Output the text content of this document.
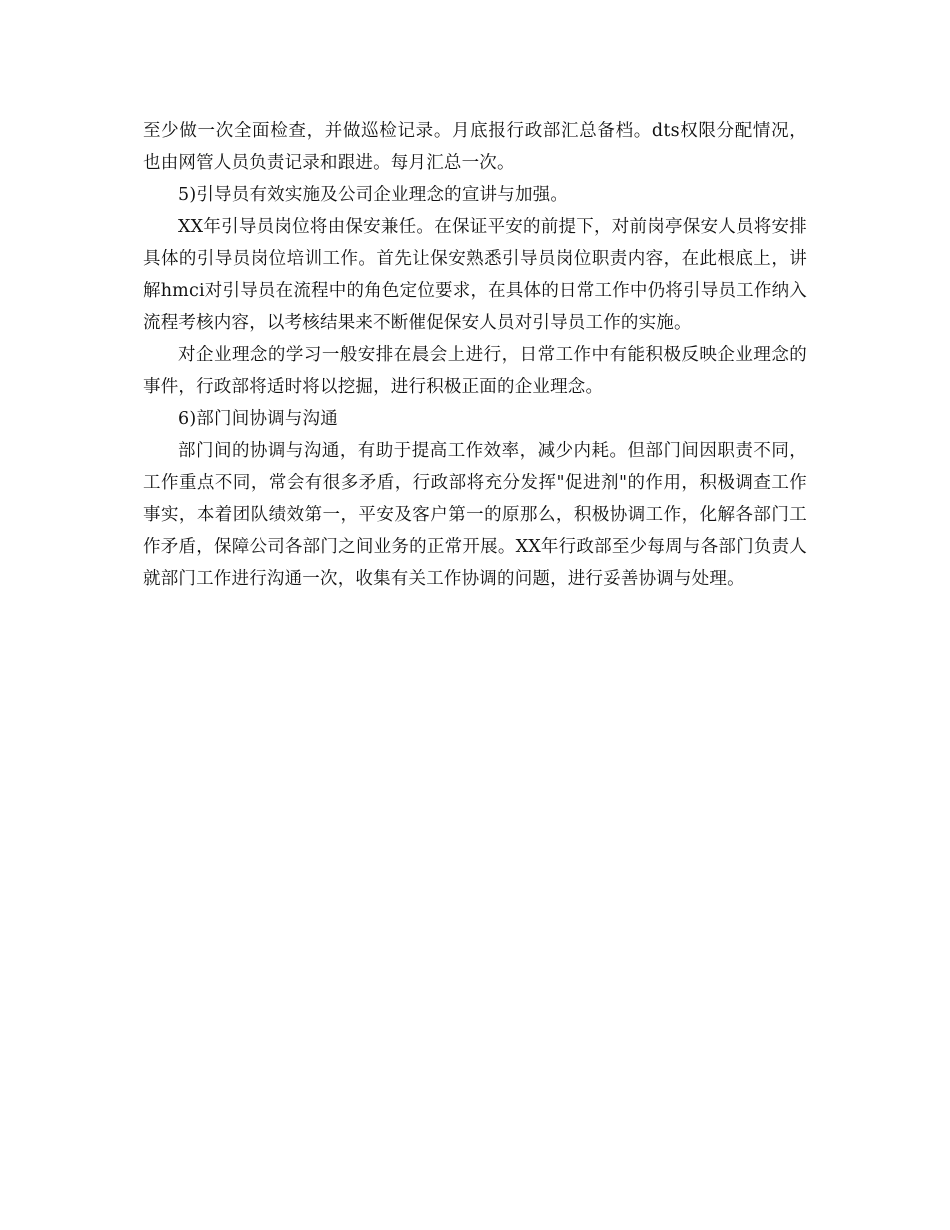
至少做一次全面检查，并做巡检记录。月底报行政部汇总备档。dts权限分配情况，也由网管人员负责记录和跟进。每月汇总一次。

5)引导员有效实施及公司企业理念的宣讲与加强。

XX年引导员岗位将由保安兼任。在保证平安的前提下，对前岗亭保安人员将安排具体的引导员岗位培训工作。首先让保安熟悉引导员岗位职责内容，在此根底上，讲解hmci对引导员在流程中的角色定位要求，在具体的日常工作中仍将引导员工作纳入流程考核内容，以考核结果来不断催促保安人员对引导员工作的实施。

对企业理念的学习一般安排在晨会上进行，日常工作中有能积极反映企业理念的事件，行政部将适时将以挖掘，进行积极正面的企业理念。

6)部门间协调与沟通

部门间的协调与沟通，有助于提高工作效率，减少内耗。但部门间因职责不同，工作重点不同，常会有很多矛盾，行政部将充分发挥"促进剂"的作用，积极调查工作事实，本着团队绩效第一，平安及客户第一的原那么，积极协调工作，化解各部门工作矛盾，保障公司各部门之间业务的正常开展。XX年行政部至少每周与各部门负责人就部门工作进行沟通一次，收集有关工作协调的问题，进行妥善协调与处理。
